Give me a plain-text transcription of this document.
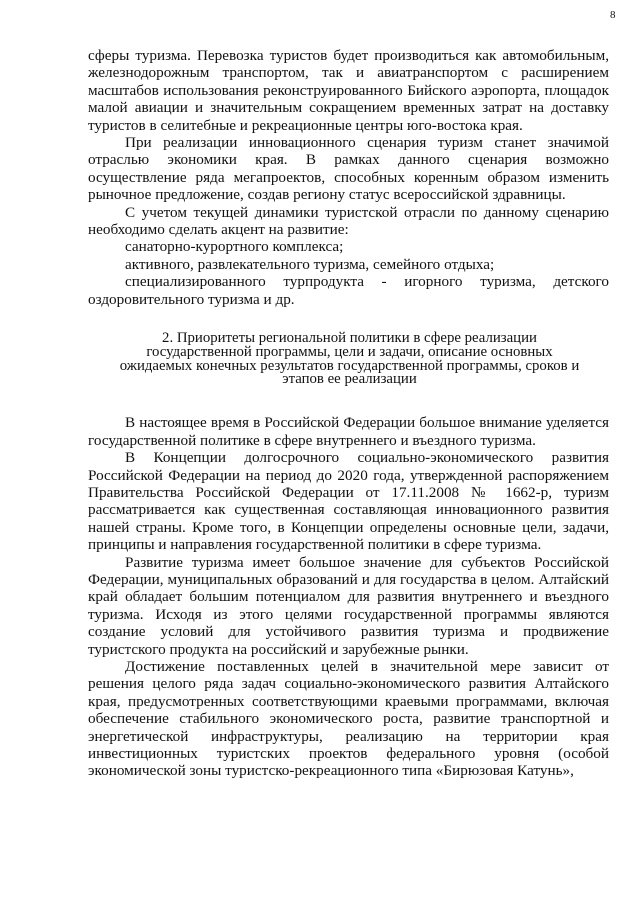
8

сферы туризма. Перевозка туристов будет производиться как автомобильным, железнодорожным транспортом, так и авиатранспортом с расширением масштабов использования реконструированного Бийского аэропорта, площадок малой авиации и значительным сокращением временных затрат на доставку туристов в селитебные и рекреационные центры юго-востока края.

При реализации инновационного сценария туризм станет значимой отраслью экономики края. В рамках данного сценария возможно осуществление ряда мегапроектов, способных коренным образом изменить рыночное предложение, создав региону статус всероссийской здравницы.

С учетом текущей динамики туристской отрасли по данному сценарию необходимо сделать акцент на развитие:

санаторно-курортного комплекса;

активного, развлекательного туризма, семейного отдыха;

специализированного турпродукта - игорного туризма, детского оздоровительного туризма и др.

2. Приоритеты региональной политики в сфере реализации государственной программы, цели и задачи, описание основных ожидаемых конечных результатов государственной программы, сроков и этапов ее реализации

В настоящее время в Российской Федерации большое внимание уделяется государственной политике в сфере внутреннего и въездного туризма.

В Концепции долгосрочного социально-экономического развития Российской Федерации на период до 2020 года, утвержденной распоряжением Правительства Российской Федерации от 17.11.2008 № 1662-р, туризм рассматривается как существенная составляющая инновационного развития нашей страны. Кроме того, в Концепции определены основные цели, задачи, принципы и направления государственной политики в сфере туризма.

Развитие туризма имеет большое значение для субъектов Российской Федерации, муниципальных образований и для государства в целом. Алтайский край обладает большим потенциалом для развития внутреннего и въездного туризма. Исходя из этого целями государственной программы являются создание условий для устойчивого развития туризма и продвижение туристского продукта на российский и зарубежные рынки.

Достижение поставленных целей в значительной мере зависит от решения целого ряда задач социально-экономического развития Алтайского края, предусмотренных соответствующими краевыми программами, включая обеспечение стабильного экономического роста, развитие транспортной и энергетической инфраструктуры, реализацию на территории края инвестиционных туристских проектов федерального уровня (особой экономической зоны туристско-рекреационного типа «Бирюзовая Катунь»,
